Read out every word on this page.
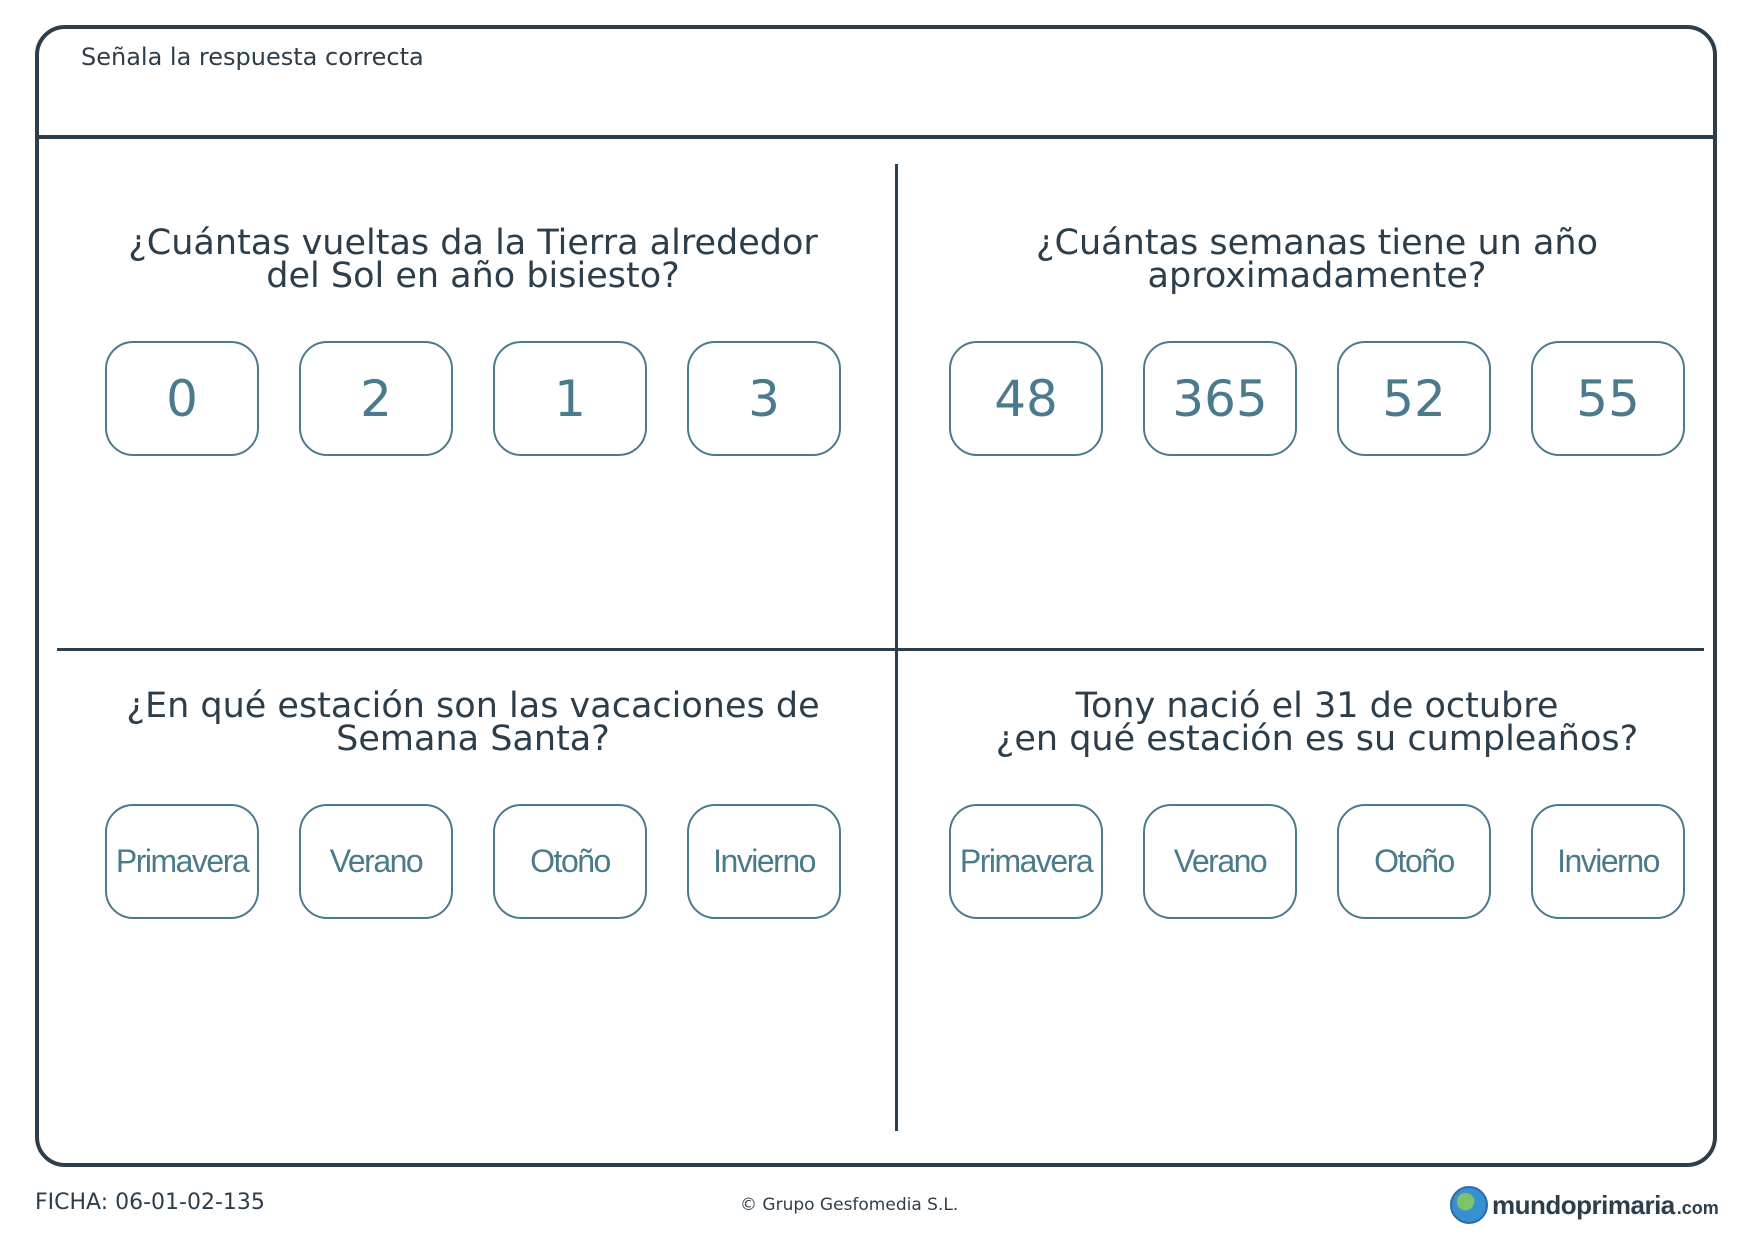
Señala la respuesta correcta
¿Cuántas vueltas da la Tierra alrededor
del Sol en año bisiesto?
0	2	1	3
¿Cuántas semanas tiene un año
aproximadamente?
48	365	52	55
¿En qué estación son las vacaciones de
Semana Santa?
Primavera	Verano	Otoño	Invierno
Tony nació el 31 de octubre
¿en qué estación es su cumpleaños?
Primavera	Verano	Otoño	Invierno
FICHA: 06-01-02-135	© Grupo Gesfomedia S.L.	mundoprimaria .com
